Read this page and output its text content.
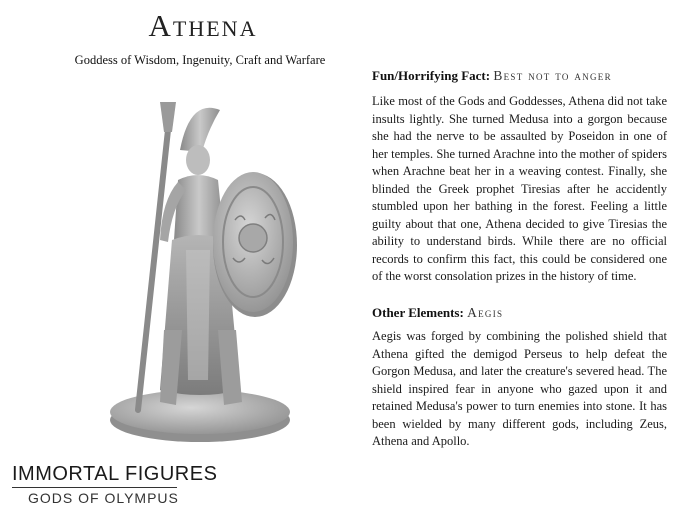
Athena
Goddess of Wisdom, Ingenuity, Craft and Warfare
Fun/Horrifying Fact: Best not to anger
Like most of the Gods and Goddesses, Athena did not take insults lightly. She turned Medusa into a gorgon because she had the nerve to be assaulted by Poseidon in one of her temples. She turned Arachne into the mother of spiders when Arachne beat her in a weaving contest. Finally, she blinded the Greek prophet Tiresias after he accidently stumbled upon her bathing in the forest. Feeling a little guilty about that one, Athena decided to give Tiresias the ability to understand birds. While there are no official records to confirm this fact, this could be considered one of the worst consolation prizes in the history of time.
Other Elements: Aegis
Aegis was forged by combining the polished shield that Athena gifted the demigod Perseus to help defeat the Gorgon Medusa, and later the creature's severed head. The shield inspired fear in anyone who gazed upon it and retained Medusa's power to turn enemies into stone. It has been wielded by many different gods, including Zeus, Athena and Apollo.
IMMORTAL FIGURES
GODS OF OLYMPUS
